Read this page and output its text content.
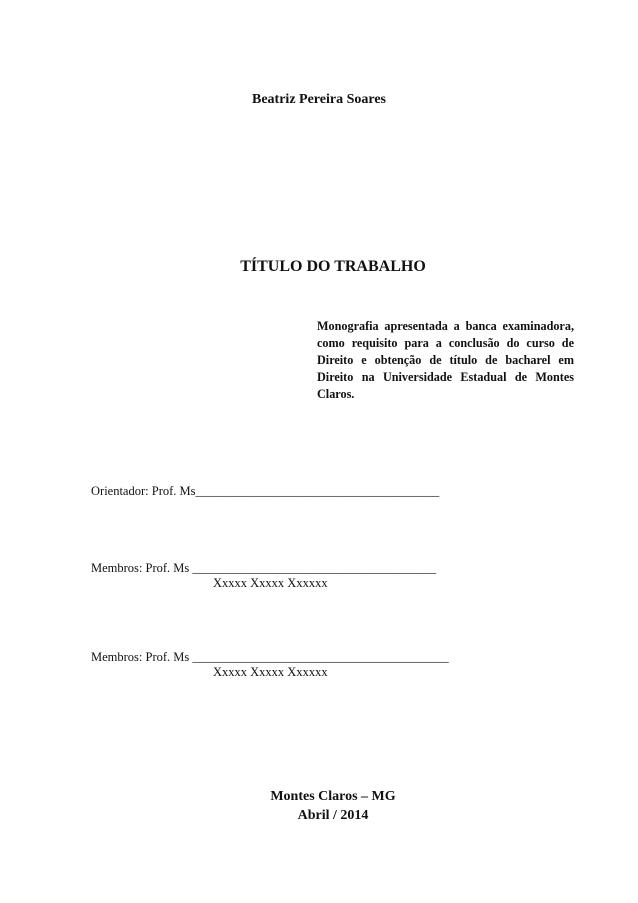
Beatriz Pereira Soares
TÍTULO DO TRABALHO
Monografia apresentada a banca examinadora, como requisito para a conclusão do curso de Direito e obtenção de título de bacharel em Direito na Universidade Estadual de Montes Claros.
Orientador: Prof. Ms_______________________________________
Membros: Prof. Ms _______________________________________
Xxxxx Xxxxx Xxxxxx
Membros: Prof. Ms _________________________________________
Xxxxx Xxxxx Xxxxxx
Montes Claros – MG
Abril / 2014
